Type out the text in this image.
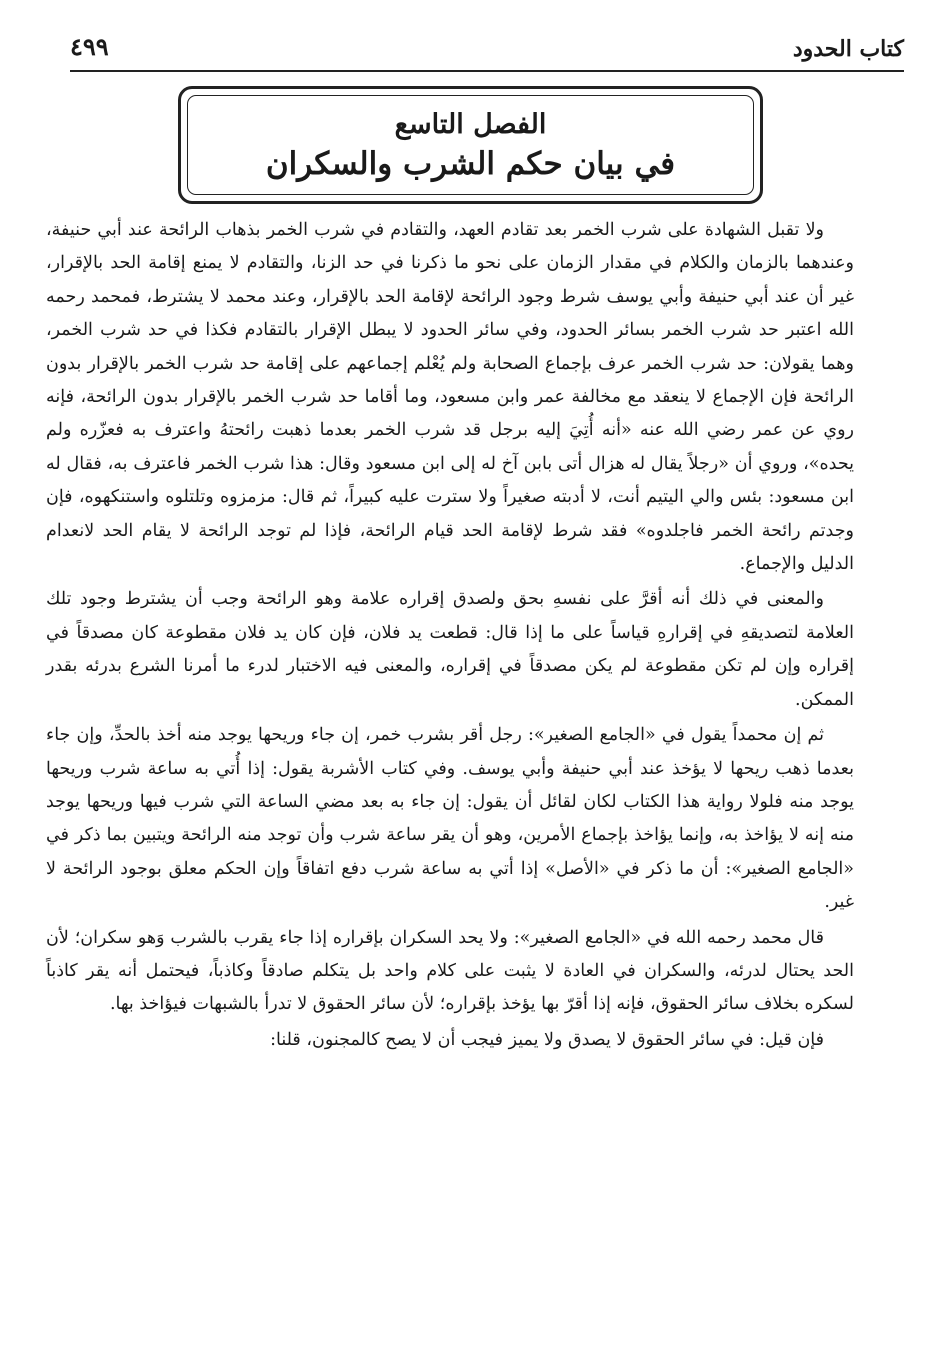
كتاب الحدود
٤٩٩
الفصل التاسع
في بيان حكم الشرب والسكران

ولا تقبل الشهادة على شرب الخمر بعد تقادم العهد، والتقادم في شرب الخمر بذهاب الرائحة عند أبي حنيفة، وعندهما بالزمان والكلام في مقدار الزمان على نحو ما ذكرنا في حد الزنا، والتقادم لا يمنع إقامة الحد بالإقرار، غير أن عند أبي حنيفة وأبي يوسف شرط وجود الرائحة لإقامة الحد بالإقرار، وعند محمد لا يشترط، فمحمد رحمه الله اعتبر حد شرب الخمر بسائر الحدود، وفي سائر الحدود لا يبطل الإقرار بالتقادم فكذا في حد شرب الخمر، وهما يقولان: حد شرب الخمر عرف بإجماع الصحابة ولم يُعْلم إجماعهم على إقامة حد شرب الخمر بالإقرار بدون الرائحة فإن الإجماع لا ينعقد مع مخالفة عمر وابن مسعود، وما أقاما حد شرب الخمر بالإقرار بدون الرائحة، فإنه روي عن عمر رضي الله عنه «أنه أُتِيَ إليه برجل قد شرب الخمر بعدما ذهبت رائحتهُ واعترف به فعزّره ولم يحده»، وروي أن «رجلاً يقال له هزال أتى بابن آخ له إلى ابن مسعود وقال: هذا شرب الخمر فاعترف به، فقال له ابن مسعود: بئس والي اليتيم أنت، لا أدبته صغيراً ولا سترت عليه كبيراً، ثم قال: مزمزوه وتلتلوه واستنكهوه، فإن وجدتم رائحة الخمر فاجلدوه» فقد شرط لإقامة الحد قيام الرائحة، فإذا لم توجد الرائحة لا يقام الحد لانعدام الدليل والإجماع.

والمعنى في ذلك أنه أقرَّ على نفسهِ بحق ولصدق إقراره علامة وهو الرائحة وجب أن يشترط وجود تلك العلامة لتصديقهِ في إقرارهِ قياساً على ما إذا قال: قطعت يد فلان، فإن كان يد فلان مقطوعة كان مصدقاً في إقراره وإن لم تكن مقطوعة لم يكن مصدقاً في إقراره، والمعنى فيه الاختبار لدرء ما أمرنا الشرع بدرئه بقدر الممكن.

ثم إن محمداً يقول في «الجامع الصغير»: رجل أقر بشرب خمر، إن جاء وريحها يوجد منه أخذ بالحدِّ، وإن جاء بعدما ذهب ريحها لا يؤخذ عند أبي حنيفة وأبي يوسف. وفي كتاب الأشربة يقول: إذا أُتي به ساعة شرب وريحها يوجد منه فلولا رواية هذا الكتاب لكان لقائل أن يقول: إن جاء به بعد مضي الساعة التي شرب فيها وريحها يوجد منه إنه لا يؤاخذ به، وإنما يؤاخذ بإجماع الأمرين، وهو أن يقر ساعة شرب وأن توجد منه الرائحة ويتبين بما ذكر في «الجامع الصغير»: أن ما ذكر في «الأصل» إذا أتي به ساعة شرب دفع اتفاقاً وإن الحكم معلق بوجود الرائحة لا غير.

قال محمد رحمه الله في «الجامع الصغير»: ولا يحد السكران بإقراره إذا جاء يقرب بالشرب وَهو سكران؛ لأن الحد يحتال لدرئه، والسكران في العادة لا يثبت على كلام واحد بل يتكلم صادقاً وكاذباً، فيحتمل أنه يقر كاذباً لسكره بخلاف سائر الحقوق، فإنه إذا أقرّ بها يؤخذ بإقراره؛ لأن سائر الحقوق لا تدرأ بالشبهات فيؤاخذ بها.

فإن قيل: في سائر الحقوق لا يصدق ولا يميز فيجب أن لا يصح كالمجنون، قلنا:
